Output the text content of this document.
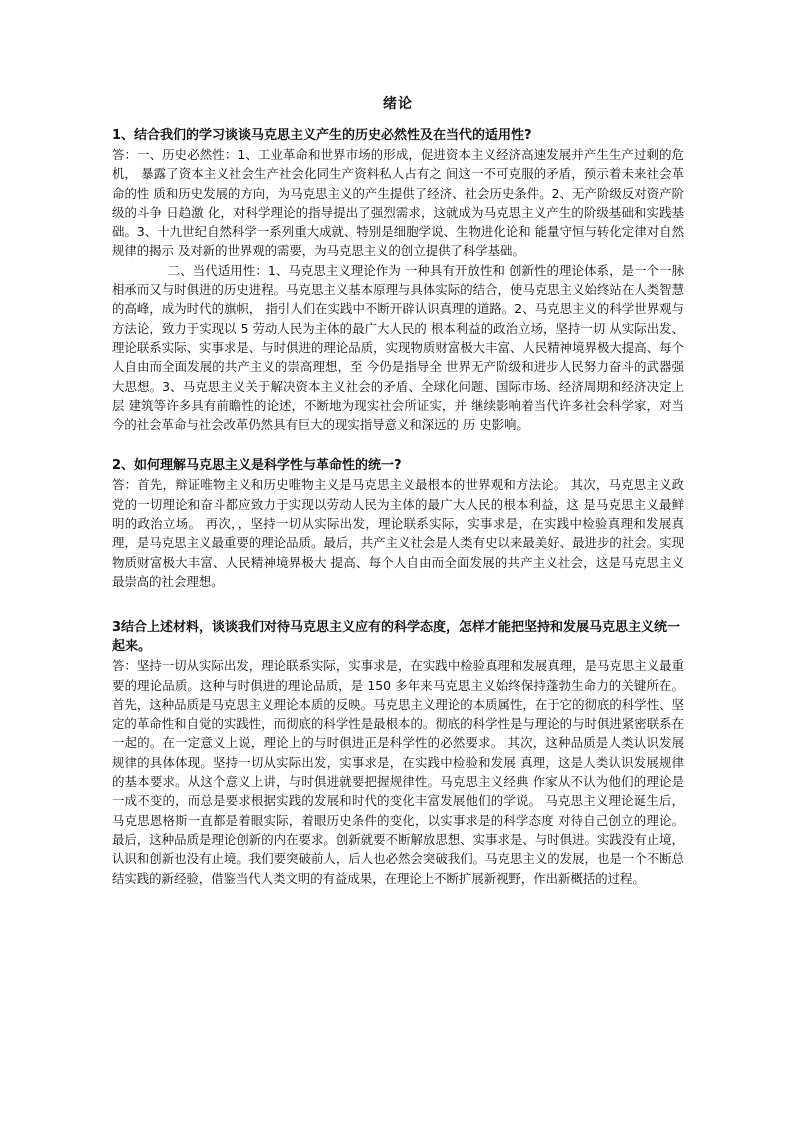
绪论

1、结合我们的学习谈谈马克思主义产生的历史必然性及在当代的适用性?

答：一、历史必然性：1、工业革命和世界市场的形成，促进资本主义经济高速发展并产生生产过剩的危机， 暴露了资本主义社会生产社会化同生产资料私人占有之 间这一不可克服的矛盾，预示着未来社会革命的性 质和历史发展的方向，为马克思主义的产生提供了经济、社会历史条件。2、无产阶级反对资产阶级的斗争 日趋激 化，对科学理论的指导提出了强烈需求，这就成为马克思主义产生的阶级基础和实践基础。3、十九世纪自然科学一系列重大成就、特别是细胞学说、生物进化论和 能量守恒与转化定律对自然规律的揭示 及对新的世界观的需要，为马克思主义的创立提供了科学基础。

二、当代适用性：1、马克思主义理论作为 一种具有开放性和 创新性的理论体系，是一个一脉相承而又与时俱进的历史进程。马克思主义基本原理与具体实际的结合，使马克思主义始终站在人类智慧的高峰，成为时代的旗帜， 指引人们在实践中不断开辟认识真理的道路。2、马克思主义的科学世界观与方法论，致力于实现以 5 劳动人民为主体的最广大人民的 根本利益的政治立场，坚持一切 从实际出发、理论联系实际、实事求是、与时俱进的理论品质，实现物质财富极大丰富、人民精神境界极大提高、每个人自由而全面发展的共产主义的崇高理想，至 今仍是指导全 世界无产阶级和进步人民努力奋斗的武器强大思想。3、马克思主义关于解决资本主义社会的矛盾、全球化问题、国际市场、经济周期和经济决定上层 建筑等许多具有前瞻性的论述，不断地为现实社会所证实，并 继续影响着当代许多社会科学家，对当今的社会革命与社会改革仍然具有巨大的现实指导意义和深远的 历 史影响。

2、如何理解马克思主义是科学性与革命性的统一?

答：首先，辩证唯物主义和历史唯物主义是马克思主义最根本的世界观和方法论。 其次，马克思主义政党的一切理论和奋斗都应致力于实现以劳动人民为主体的最广大人民的根本利益，这 是马克思主义最鲜明的政治立场。 再次，，坚持一切从实际出发，理论联系实际，实事求是，在实践中检验真理和发展真理，是马克思主义最重要的理论品质。最后，共产主义社会是人类有史以来最美好、最进步的社会。实现物质财富极大丰富、人民精神境界极大 提高、每个人自由而全面发展的共产主义社会，这是马克思主义最崇高的社会理想。

3结合上述材料，谈谈我们对待马克思主义应有的科学态度，怎样才能把坚持和发展马克思主义统一起来。

答：坚持一切从实际出发，理论联系实际，实事求是，在实践中检验真理和发展真理，是马克思主义最重 要的理论品质。这种与时俱进的理论品质，是 150 多年来马克思主义始终保持蓬勃生命力的关键所在。 首先，这种品质是马克思主义理论本质的反映。马克思主义理论的本质属性，在于它的彻底的科学性、坚 定的革命性和自觉的实践性，而彻底的科学性是最根本的。彻底的科学性是与理论的与时俱进紧密联系在 一起的。在一定意义上说，理论上的与时俱进正是科学性的必然要求。 其次，这种品质是人类认识发展规律的具体体现。坚持一切从实际出发，实事求是，在实践中检验和发展 真理，这是人类认识发展规律的基本要求。从这个意义上讲，与时俱进就要把握规律性。马克思主义经典 作家从不认为他们的理论是一成不变的，而总是要求根据实践的发展和时代的变化丰富发展他们的学说。 马克思主义理论诞生后，马克思恩格斯一直都是着眼实际，着眼历史条件的变化，以实事求是的科学态度 对待自己创立的理论。 最后，这种品质是理论创新的内在要求。创新就要不断解放思想、实事求是、与时俱进。实践没有止境， 认识和创新也没有止境。我们要突破前人，后人也必然会突破我们。马克思主义的发展，也是一个不断总 结实践的新经验，借鉴当代人类文明的有益成果，在理论上不断扩展新视野，作出新概括的过程。
